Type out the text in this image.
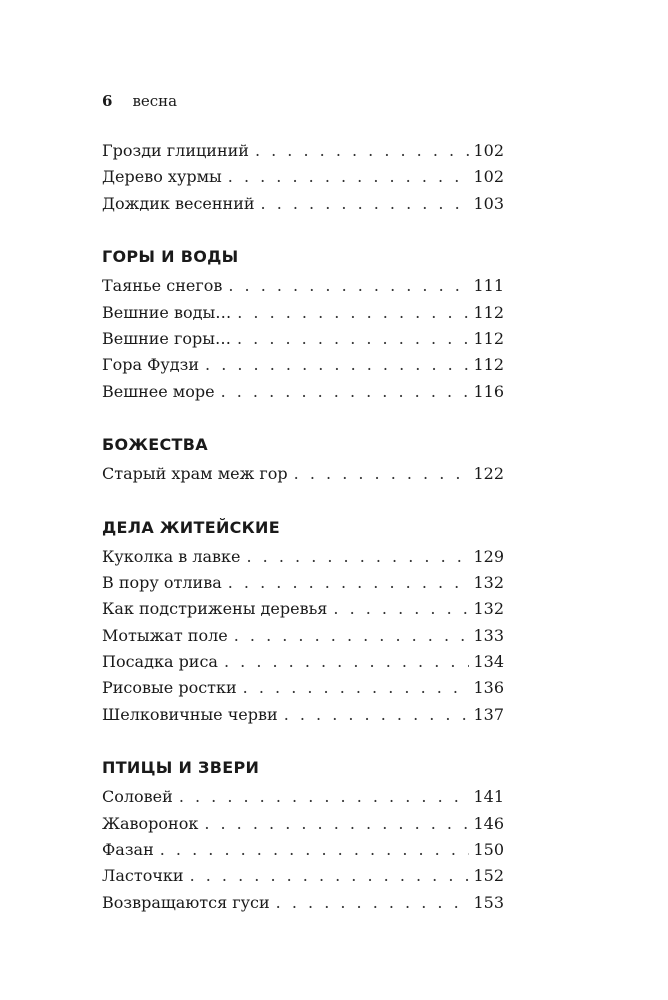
6 весна
Грозди глициний . . .	102
Дерево хурмы . . .	102
Дождик весенний . . .	103
ГОРЫ И ВОДЫ
Таянье снегов . . .	111
Вешние воды… . . .	112
Вешние горы… . . .	112
Гора Фудзи . . .	112
Вешнее море . . .	116
БОЖЕСТВА
Старый храм меж гор . . .	122
ДЕЛА ЖИТЕЙСКИЕ
Куколка в лавке . . .	129
В пору отлива . . .	132
Как подстрижены деревья . . .	132
Мотыжат поле . . .	133
Посадка риса . . .	134
Рисовые ростки . . .	136
Шелковичные черви . . .	137
ПТИЦЫ И ЗВЕРИ
Соловей . . .	141
Жаворонок . . .	146
Фазан . . .	150
Ласточки . . .	152
Возвращаются гуси . . .	153
